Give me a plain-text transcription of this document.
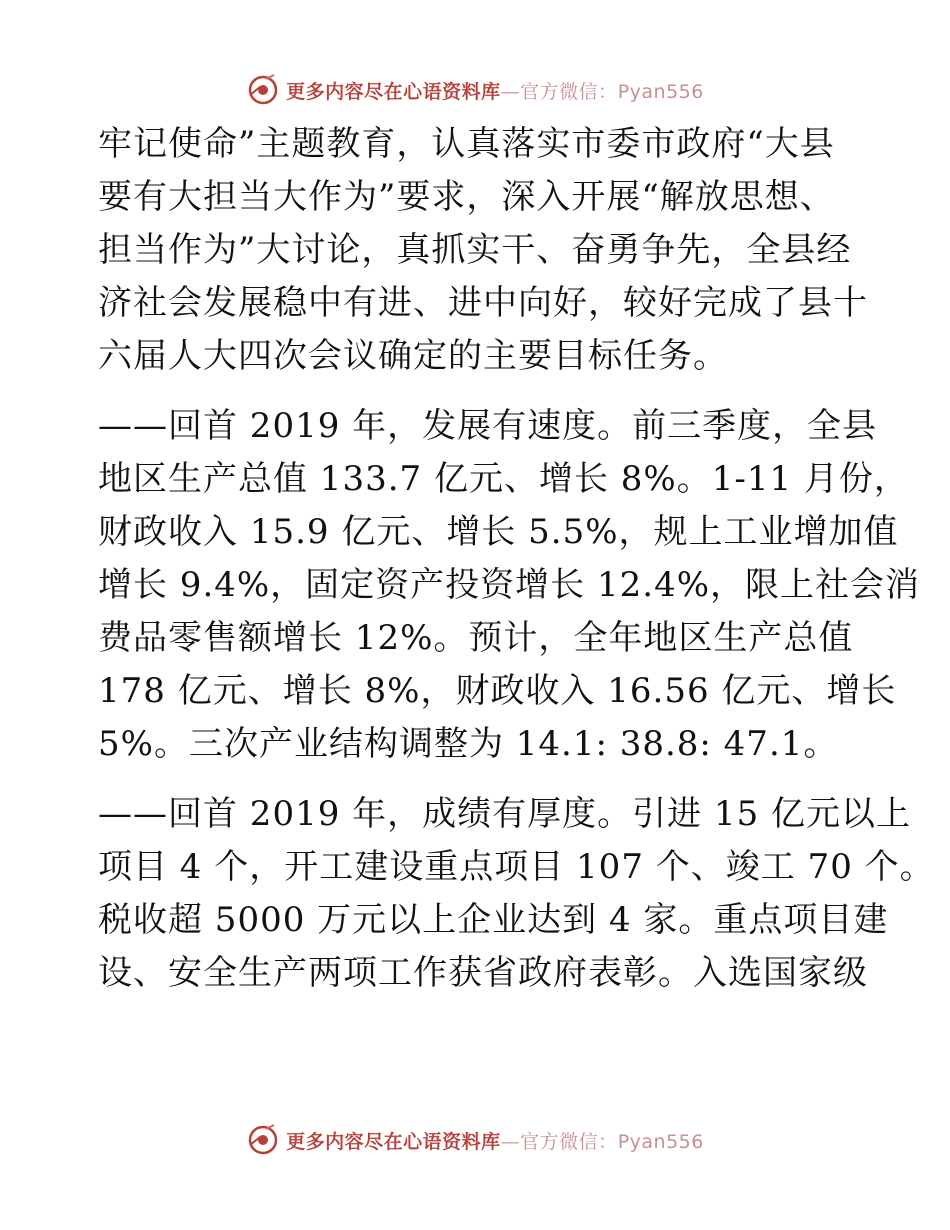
更多内容尽在心语资料库—官方微信：Pyan556
牢记使命”主题教育，认真落实市委市政府“大县
要有大担当大作为”要求，深入开展“解放思想、
担当作为”大讨论，真抓实干、奋勇争先，全县经
济社会发展稳中有进、进中向好，较好完成了县十
六届人大四次会议确定的主要目标任务。
——回首 2019 年，发展有速度。前三季度，全县
地区生产总值 133.7 亿元、增长 8%。1-11 月份，
财政收入 15.9 亿元、增长 5.5%，规上工业增加值
增长 9.4%，固定资产投资增长 12.4%，限上社会消
费品零售额增长 12%。预计，全年地区生产总值
178 亿元、增长 8%，财政收入 16.56 亿元、增长
5%。三次产业结构调整为 14.1: 38.8: 47.1。
——回首 2019 年，成绩有厚度。引进 15 亿元以上
项目 4 个，开工建设重点项目 107 个、竣工 70 个。
税收超 5000 万元以上企业达到 4 家。重点项目建
设、安全生产两项工作获省政府表彰。入选国家级
更多内容尽在心语资料库—官方微信：Pyan556
